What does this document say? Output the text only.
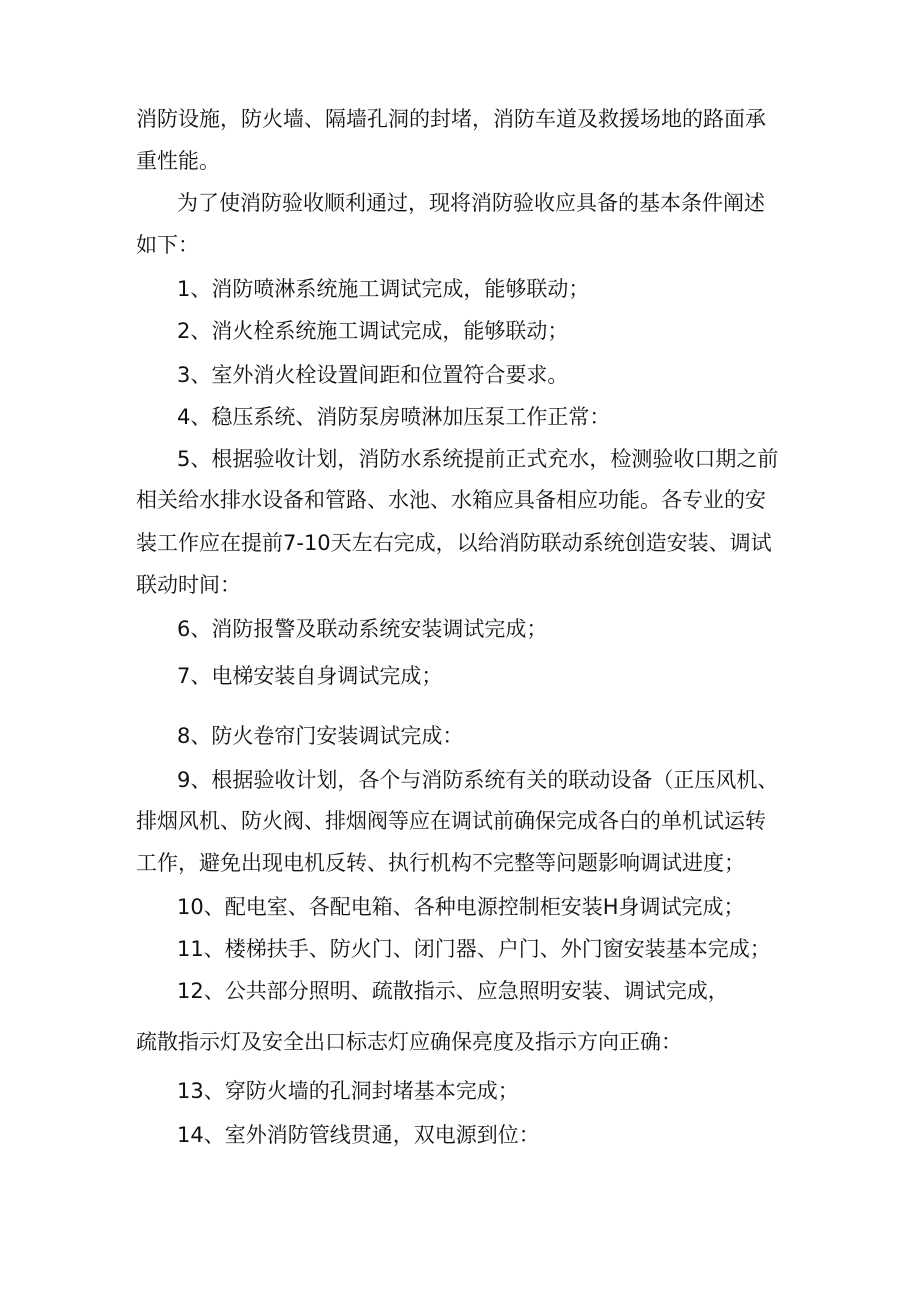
消防设施，防火墙、隔墙孔洞的封堵，消防车道及救援场地的路面承
重性能。
为了使消防验收顺利通过，现将消防验收应具备的基本条件阐述
如下：
1、消防喷淋系统施工调试完成，能够联动；
2、消火栓系统施工调试完成，能够联动；
3、室外消火栓设置间距和位置符合要求。
4、稳压系统、消防泵房喷淋加压泵工作正常：
5、根据验收计划，消防水系统提前正式充水，检测验收口期之前
相关给水排水设备和管路、水池、水箱应具备相应功能。各专业的安
装工作应在提前7-10天左右完成，以给消防联动系统创造安装、调试
联动时间：
6、消防报警及联动系统安装调试完成；
7、电梯安装自身调试完成；
8、防火卷帘门安装调试完成：
9、根据验收计划，各个与消防系统有关的联动设备（正压风机、
排烟风机、防火阀、排烟阀等应在调试前确保完成各白的单机试运转
工作，避免出现电机反转、执行机构不完整等问题影响调试进度；
10、配电室、各配电箱、各种电源控制柜安装H身调试完成；
11、楼梯扶手、防火门、闭门器、户门、外门窗安装基本完成；
12、公共部分照明、疏散指示、应急照明安装、调试完成，
疏散指示灯及安全出口标志灯应确保亮度及指示方向正确：
13、穿防火墙的孔洞封堵基本完成；
14、室外消防管线贯通，双电源到位：
